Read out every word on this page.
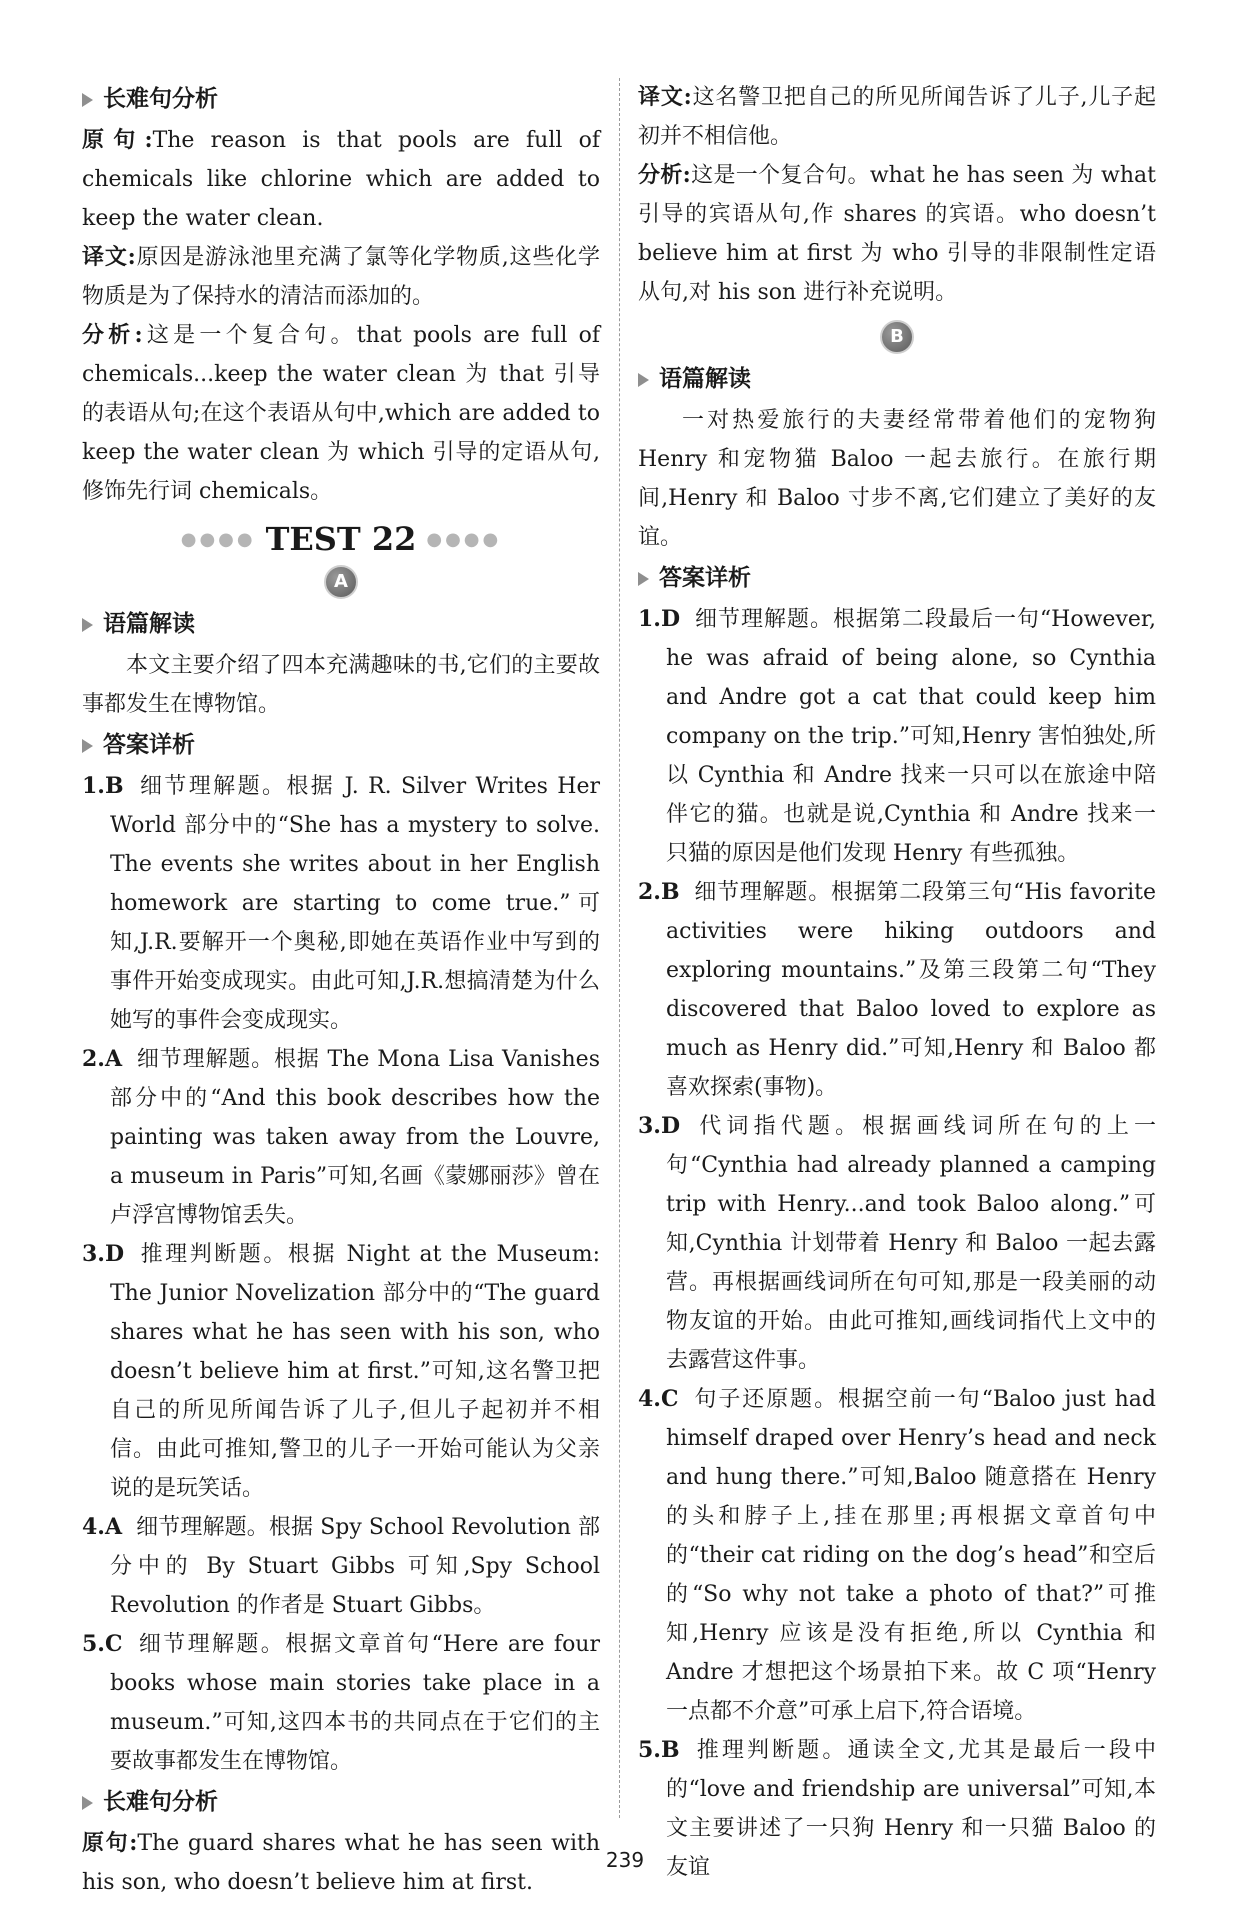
长难句分析

原句:The reason is that pools are full of chemicals like chlorine which are added to keep the water clean.

译文:原因是游泳池里充满了氯等化学物质,这些化学物质是为了保持水的清洁而添加的。

分析:这是一个复合句。that pools are full of chemicals...keep the water clean 为 that 引导的表语从句;在这个表语从句中,which are added to keep the water clean 为 which 引导的定语从句,修饰先行词 chemicals。

●●●● TEST 22 ●●●●
A
语篇解读

本文主要介绍了四本充满趣味的书,它们的主要故事都发生在博物馆。

答案详析

1.B 细节理解题。根据 J. R. Silver Writes Her World 部分中的“She has a mystery to solve. The events she writes about in her English homework are starting to come true.”可知,J.R.要解开一个奥秘,即她在英语作业中写到的事件开始变成现实。由此可知,J.R.想搞清楚为什么她写的事件会变成现实。

2.A 细节理解题。根据 The Mona Lisa Vanishes 部分中的“And this book describes how the painting was taken away from the Louvre, a museum in Paris”可知,名画《蒙娜丽莎》曾在卢浮宫博物馆丢失。

3.D 推理判断题。根据 Night at the Museum: The Junior Novelization 部分中的“The guard shares what he has seen with his son, who doesn’t believe him at first.”可知,这名警卫把自己的所见所闻告诉了儿子,但儿子起初并不相信。由此可推知,警卫的儿子一开始可能认为父亲说的是玩笑话。

4.A 细节理解题。根据 Spy School Revolution 部分中的 By Stuart Gibbs 可知,Spy School Revolution 的作者是 Stuart Gibbs。

5.C 细节理解题。根据文章首句“Here are four books whose main stories take place in a museum.”可知,这四本书的共同点在于它们的主要故事都发生在博物馆。

长难句分析

原句:The guard shares what he has seen with his son, who doesn’t believe him at first.

译文:这名警卫把自己的所见所闻告诉了儿子,儿子起初并不相信他。

分析:这是一个复合句。what he has seen 为 what 引导的宾语从句,作 shares 的宾语。who doesn’t believe him at first 为 who 引导的非限制性定语从句,对 his son 进行补充说明。

B
语篇解读

一对热爱旅行的夫妻经常带着他们的宠物狗 Henry 和宠物猫 Baloo 一起去旅行。在旅行期间,Henry 和 Baloo 寸步不离,它们建立了美好的友谊。

答案详析

1.D 细节理解题。根据第二段最后一句“However, he was afraid of being alone, so Cynthia and Andre got a cat that could keep him company on the trip.”可知,Henry 害怕独处,所以 Cynthia 和 Andre 找来一只可以在旅途中陪伴它的猫。也就是说,Cynthia 和 Andre 找来一只猫的原因是他们发现 Henry 有些孤独。

2.B 细节理解题。根据第二段第三句“His favorite activities were hiking outdoors and exploring mountains.”及第三段第二句“They discovered that Baloo loved to explore as much as Henry did.”可知,Henry 和 Baloo 都喜欢探索(事物)。

3.D 代词指代题。根据画线词所在句的上一句“Cynthia had already planned a camping trip with Henry...and took Baloo along.”可知,Cynthia 计划带着 Henry 和 Baloo 一起去露营。再根据画线词所在句可知,那是一段美丽的动物友谊的开始。由此可推知,画线词指代上文中的去露营这件事。

4.C 句子还原题。根据空前一句“Baloo just had himself draped over Henry’s head and neck and hung there.”可知,Baloo 随意搭在 Henry 的头和脖子上,挂在那里;再根据文章首句中的“their cat riding on the dog’s head”和空后的“So why not take a photo of that?”可推知,Henry 应该是没有拒绝,所以 Cynthia 和 Andre 才想把这个场景拍下来。故 C 项“Henry 一点都不介意”可承上启下,符合语境。

5.B 推理判断题。通读全文,尤其是最后一段中的“love and friendship are universal”可知,本文主要讲述了一只狗 Henry 和一只猫 Baloo 的友谊

239
